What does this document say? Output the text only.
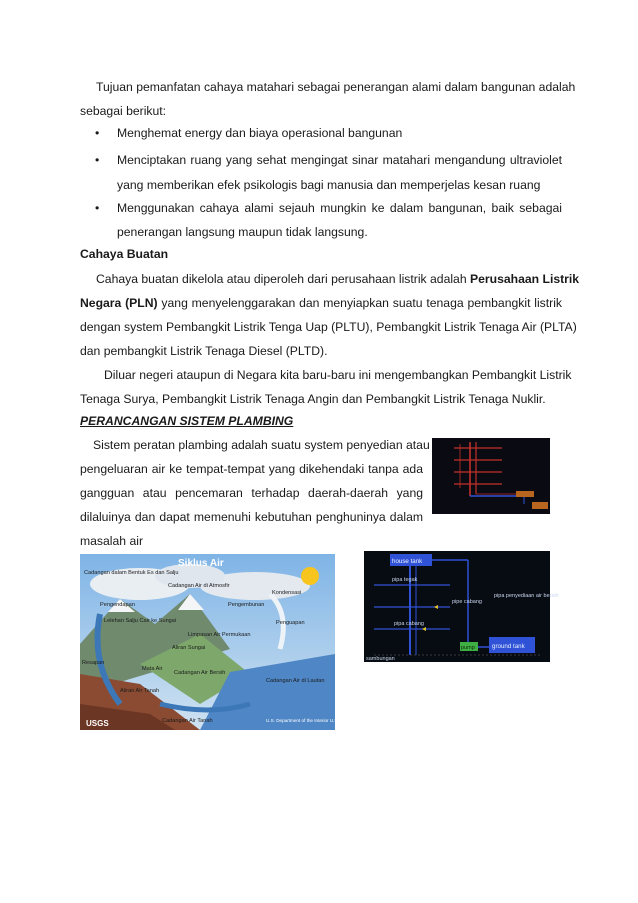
Tujuan pemanfatan cahaya matahari sebagai penerangan alami dalam bangunan adalah
sebagai berikut:
• Menghemat energy dan biaya operasional bangunan
• Menciptakan ruang yang sehat mengingat sinar matahari mengandung ultraviolet
yang memberikan efek psikologis bagi manusia dan memperjelas kesan ruang
• Menggunakan cahaya alami sejauh mungkin ke dalam bangunan, baik sebagai
penerangan langsung maupun tidak langsung.
Cahaya Buatan
Cahaya buatan dikelola atau diperoleh dari perusahaan listrik adalah Perusahaan Listrik
Negara (PLN) yang menyelenggarakan dan menyiapkan suatu tenaga pembangkit listrik
dengan system Pembangkit Listrik Tenga Uap (PLTU), Pembangkit Listrik Tenaga Air (PLTA)
dan pembangkit Listrik Tenaga Diesel (PLTD).
Diluar negeri ataupun di Negara kita baru-baru ini mengembangkan Pembangkit Listrik
Tenaga Surya, Pembangkit Listrik Tenaga Angin dan Pembangkit Listrik Tenaga Nuklir.
PERANCANGAN SISTEM PLAMBING
Sistem peratan plambing adalah suatu system penyedian atau
pengeluaran air ke tempat-tempat yang dikehendaki tanpa ada
gangguan atau pencemaran terhadap daerah-daerah yang
dilaluinya dan dapat memenuhi kebutuhan penghuninya dalam
masalah air
house tank
ground tank
pump
pipa tegak
pipe cabang
pipa cabang
pipa penyediaan air bersih
sambungan
Siklus Air
USGS
Cadangan dalam Bentuk Es dan Salju
Cadangan Air di Atmosfir
Kondensasi
Pengendapan	Pengembunan
Penguapan
Lelehan Salju Cair ke Sungai
Limpasan Air Permukaan
Aliran Sungai
Mata Air
Cadangan Air Bersih
Resapan
Cadangan Air di Lautan
Aliran Air Tanah
Cadangan Air Tanah	U.S. Department of the Interior U.S. Geological Survey
